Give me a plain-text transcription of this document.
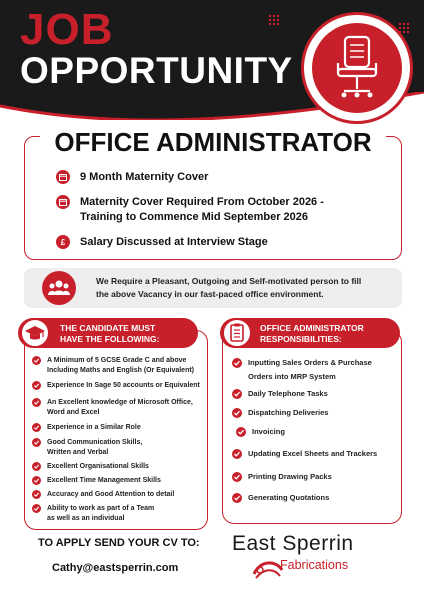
JOB
OPPORTUNITY
OFFICE ADMINISTRATOR
9 Month Maternity Cover
Maternity Cover Required From October 2026 -
Training to Commence Mid September 2026
£	Salary Discussed at Interview Stage
We Require a Pleasant, Outgoing and Self-motivated person to fill
the above Vacancy in our fast-paced office environment.
THE CANDIDATE MUST
HAVE THE FOLLOWING:
A Minimum of 5 GCSE Grade C and above
Including Maths and English (Or Equivalent)
Experience In Sage 50 accounts or Equivalent
An Excellent knowledge of Microsoft Office,
Word and Excel
Experience in a Similar Role
Good Communication Skills,
Written and Verbal
Excellent Organisational Skills
Excellent Time Management Skills
Accuracy and Good Attention to detail
Ability to work as part of a Team
as well as an individual
OFFICE ADMINISTRATOR
RESPONSIBILITIES:
Inputting Sales Orders & Purchase
Orders into MRP System
Daily Telephone Tasks
Dispatching Deliveries
Invoicing
Updating Excel Sheets and Trackers
Printing Drawing Packs
Generating Quotations
TO APPLY SEND YOUR CV TO:
Cathy@eastsperrin.com
East Sperrin
Fabrications
